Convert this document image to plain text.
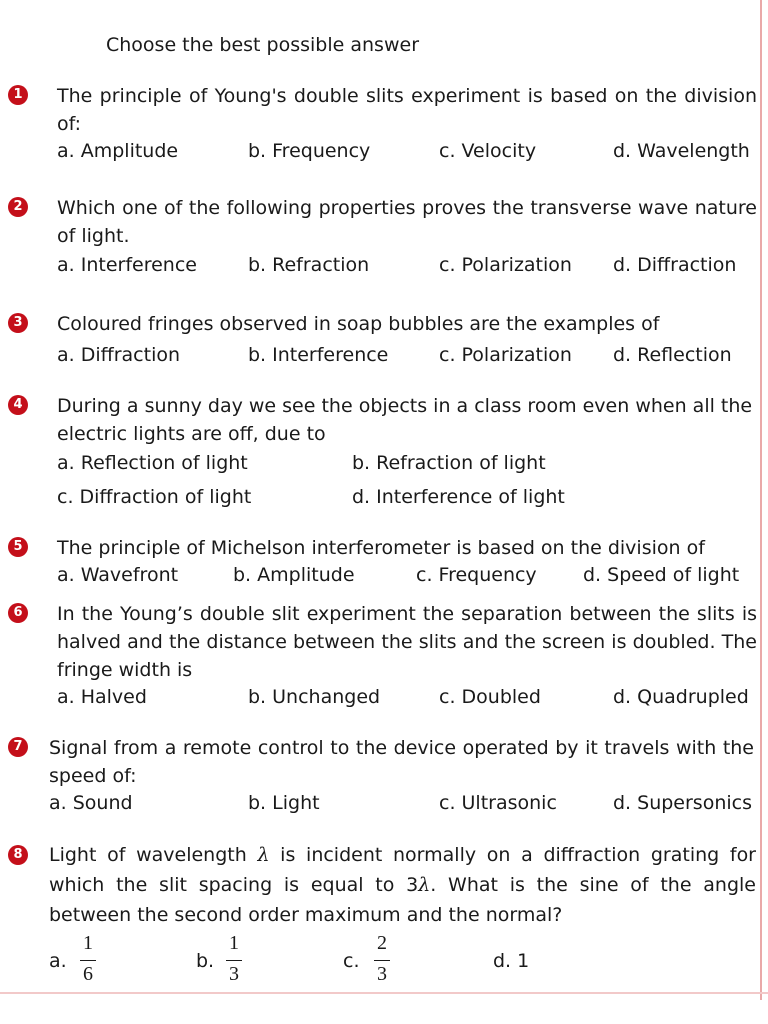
Choose the best possible answer
1 The principle of Young's double slits experiment is based on the division of:
a. Amplitude	b. Frequency	c. Velocity	d. Wavelength
2 Which one of the following properties proves the transverse wave nature of light.
a. Interference	b. Refraction	c. Polarization d. Diffraction
3 Coloured fringes observed in soap bubbles are the examples of
a. Diffraction	b. Interference	c. Polarization d. Reflection
4 During a sunny day we see the objects in a class room even when all the electric lights are off, due to
a. Reflection of light	b. Refraction of light
c. Diffraction of light	d. Interference of light
5 The principle of Michelson interferometer is based on the division of
a. Wavefront	b. Amplitude	c. Frequency d. Speed of light
6 In the Young’s double slit experiment the separation between the slits is halved and the distance between the slits and the screen is doubled. The fringe width is
a. Halved	b. Unchanged	c. Doubled	d. Quadrupled
7 Signal from a remote control to the device operated by it travels with the speed of:
a. Sound	b. Light	c. Ultrasonic	d. Supersonics
8 Light of wavelength λ is incident normally on a diffraction grating for which the slit spacing is equal to 3λ. What is the sine of the angle between the second order maximum and the normal?
a.
1
6
b.
1
3
c.
2
3
d. 1
